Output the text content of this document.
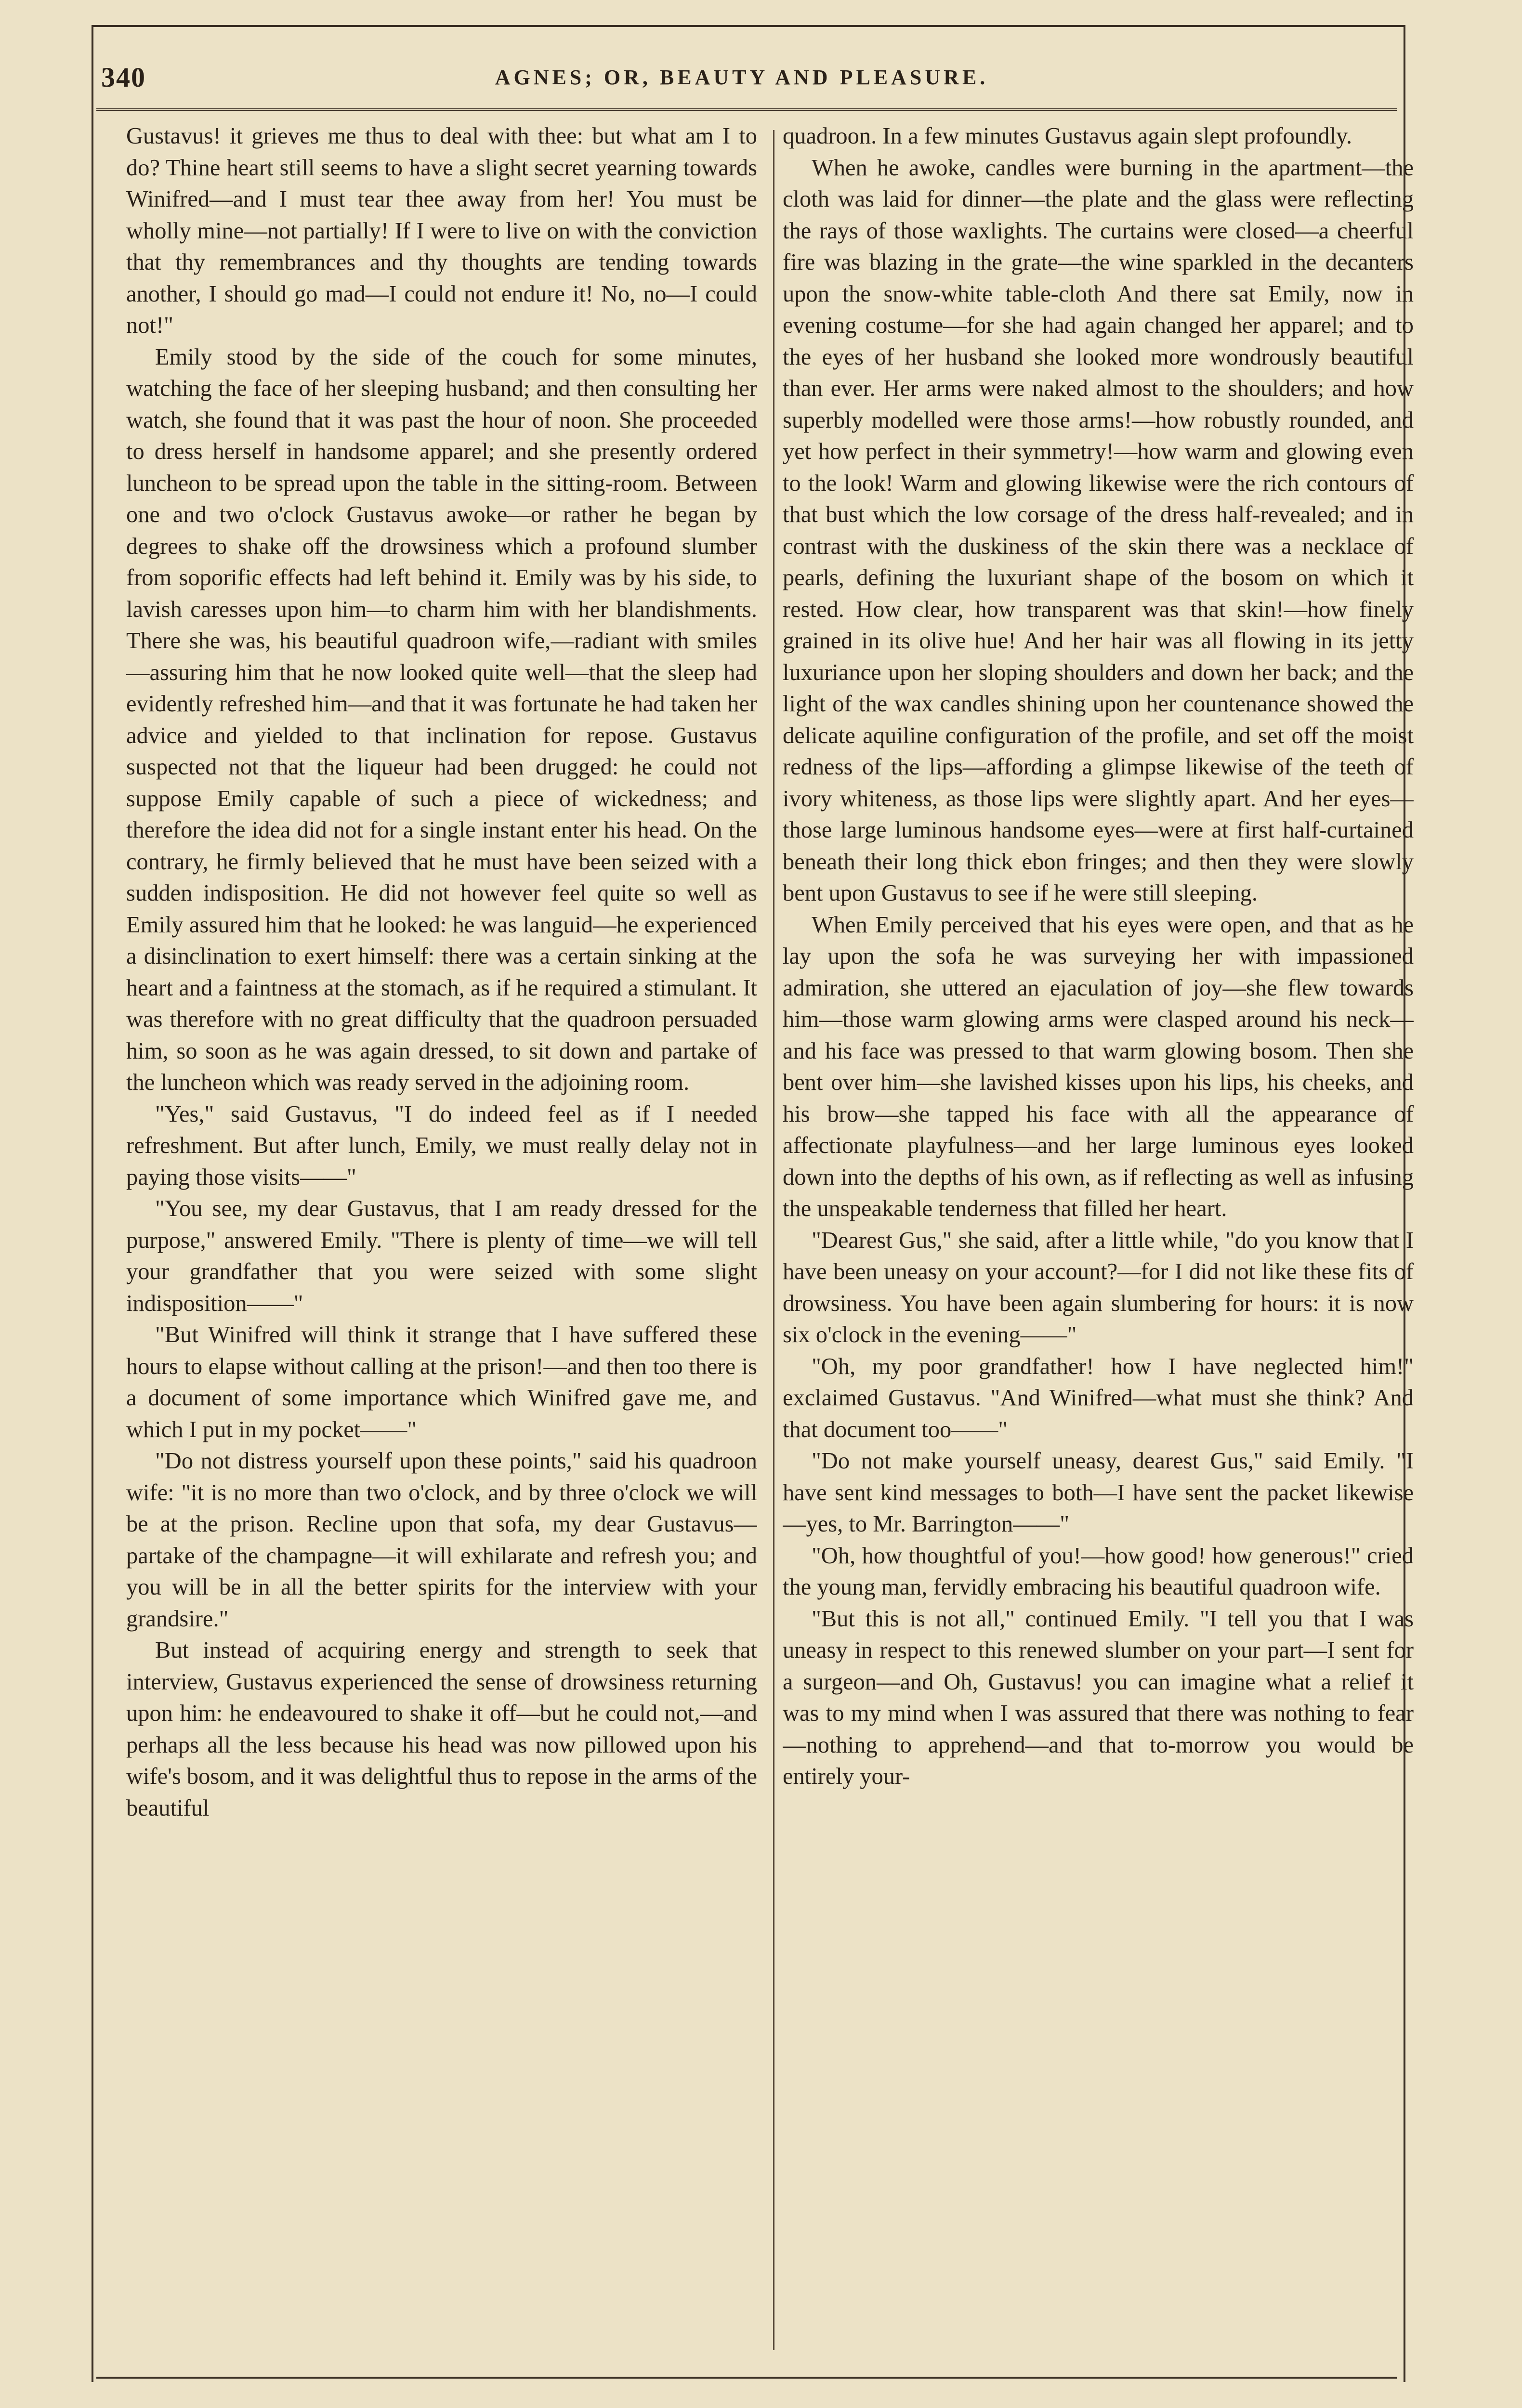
340	AGNES; OR, BEAUTY AND PLEASURE.

Gustavus! it grieves me thus to deal with thee: but what am I to do? Thine heart still seems to have a slight secret yearning towards Winifred—and I must tear thee away from her! You must be wholly mine—not partially! If I were to live on with the conviction that thy remembrances and thy thoughts are tending towards another, I should go mad—I could not endure it! No, no—I could not!"

Emily stood by the side of the couch for some minutes, watching the face of her sleeping husband; and then consulting her watch, she found that it was past the hour of noon. She proceeded to dress herself in handsome apparel; and she presently ordered luncheon to be spread upon the table in the sitting-room. Between one and two o'clock Gustavus awoke—or rather he began by degrees to shake off the drowsiness which a profound slumber from soporific effects had left behind it. Emily was by his side, to lavish caresses upon him—to charm him with her blandishments. There she was, his beautiful quadroon wife,—radiant with smiles—assuring him that he now looked quite well—that the sleep had evidently refreshed him—and that it was fortunate he had taken her advice and yielded to that inclination for repose. Gustavus suspected not that the liqueur had been drugged: he could not suppose Emily capable of such a piece of wickedness; and therefore the idea did not for a single instant enter his head. On the contrary, he firmly believed that he must have been seized with a sudden indisposition. He did not however feel quite so well as Emily assured him that he looked: he was languid—he experienced a disinclination to exert himself: there was a certain sinking at the heart and a faintness at the stomach, as if he required a stimulant. It was therefore with no great difficulty that the quadroon persuaded him, so soon as he was again dressed, to sit down and partake of the luncheon which was ready served in the adjoining room.

"Yes," said Gustavus, "I do indeed feel as if I needed refreshment. But after lunch, Emily, we must really delay not in paying those visits——"

"You see, my dear Gustavus, that I am ready dressed for the purpose," answered Emily. "There is plenty of time—we will tell your grandfather that you were seized with some slight indisposition——"

"But Winifred will think it strange that I have suffered these hours to elapse without calling at the prison!—and then too there is a document of some importance which Winifred gave me, and which I put in my pocket——"

"Do not distress yourself upon these points," said his quadroon wife: "it is no more than two o'clock, and by three o'clock we will be at the prison. Recline upon that sofa, my dear Gustavus—partake of the champagne—it will exhilarate and refresh you; and you will be in all the better spirits for the interview with your grandsire."

But instead of acquiring energy and strength to seek that interview, Gustavus experienced the sense of drowsiness returning upon him: he endeavoured to shake it off—but he could not,—and perhaps all the less because his head was now pillowed upon his wife's bosom, and it was delightful thus to repose in the arms of the beautiful

quadroon. In a few minutes Gustavus again slept profoundly.

When he awoke, candles were burning in the apartment—the cloth was laid for dinner—the plate and the glass were reflecting the rays of those waxlights. The curtains were closed—a cheerful fire was blazing in the grate—the wine sparkled in the decanters upon the snow-white table-cloth And there sat Emily, now in evening costume—for she had again changed her apparel; and to the eyes of her husband she looked more wondrously beautiful than ever. Her arms were naked almost to the shoulders; and how superbly modelled were those arms!—how robustly rounded, and yet how perfect in their symmetry!—how warm and glowing even to the look! Warm and glowing likewise were the rich contours of that bust which the low corsage of the dress half-revealed; and in contrast with the duskiness of the skin there was a necklace of pearls, defining the luxuriant shape of the bosom on which it rested. How clear, how transparent was that skin!—how finely grained in its olive hue! And her hair was all flowing in its jetty luxuriance upon her sloping shoulders and down her back; and the light of the wax candles shining upon her countenance showed the delicate aquiline configuration of the profile, and set off the moist redness of the lips—affording a glimpse likewise of the teeth of ivory whiteness, as those lips were slightly apart. And her eyes—those large luminous handsome eyes—were at first half-curtained beneath their long thick ebon fringes; and then they were slowly bent upon Gustavus to see if he were still sleeping.

When Emily perceived that his eyes were open, and that as he lay upon the sofa he was surveying her with impassioned admiration, she uttered an ejaculation of joy—she flew towards him—those warm glowing arms were clasped around his neck—and his face was pressed to that warm glowing bosom. Then she bent over him—she lavished kisses upon his lips, his cheeks, and his brow—she tapped his face with all the appearance of affectionate playfulness—and her large luminous eyes looked down into the depths of his own, as if reflecting as well as infusing the unspeakable tenderness that filled her heart.

"Dearest Gus," she said, after a little while, "do you know that I have been uneasy on your account?—for I did not like these fits of drowsiness. You have been again slumbering for hours: it is now six o'clock in the evening——"

"Oh, my poor grandfather! how I have neglected him!" exclaimed Gustavus. "And Winifred—what must she think? And that document too——"

"Do not make yourself uneasy, dearest Gus," said Emily. "I have sent kind messages to both—I have sent the packet likewise—yes, to Mr. Barrington——"

"Oh, how thoughtful of you!—how good! how generous!" cried the young man, fervidly embracing his beautiful quadroon wife.

"But this is not all," continued Emily. "I tell you that I was uneasy in respect to this renewed slumber on your part—I sent for a surgeon—and Oh, Gustavus! you can imagine what a relief it was to my mind when I was assured that there was nothing to fear—nothing to apprehend—and that to-morrow you would be entirely your-
